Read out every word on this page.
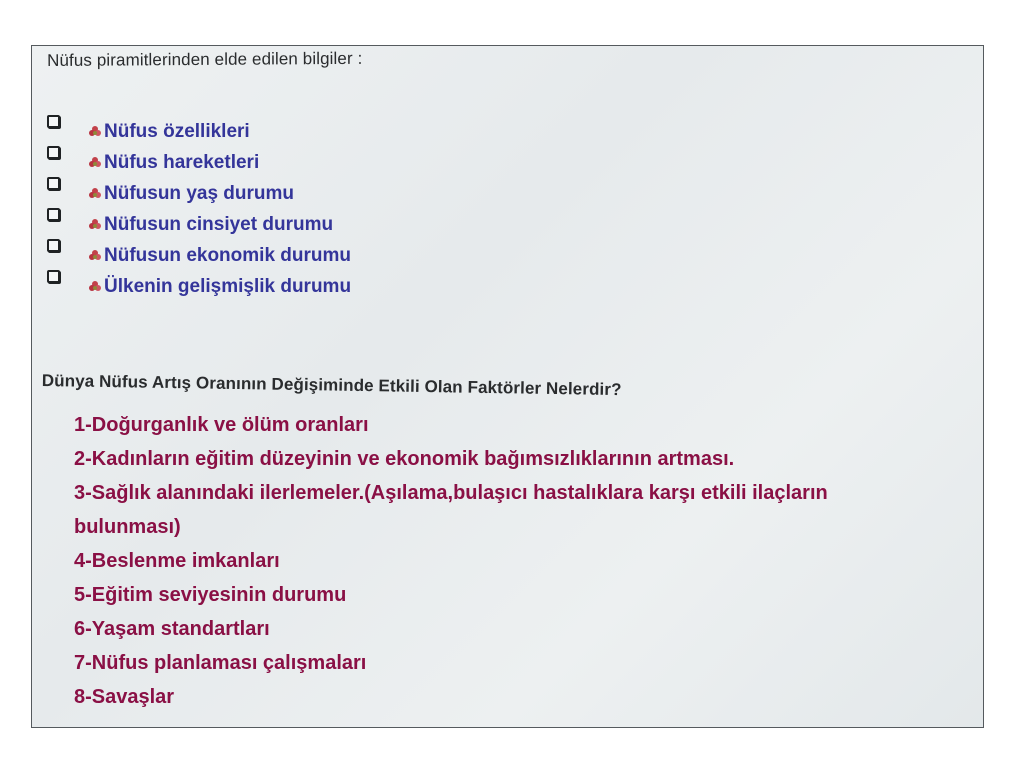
Nüfus piramitlerinden elde edilen bilgiler :
Nüfus özellikleri
Nüfus hareketleri
Nüfusun yaş durumu
Nüfusun cinsiyet durumu
Nüfusun ekonomik durumu
Ülkenin gelişmişlik durumu
Dünya Nüfus Artış Oranının Değişiminde Etkili Olan Faktörler Nelerdir?
1-Doğurganlık ve ölüm oranları
2-Kadınların eğitim düzeyinin ve ekonomik bağımsızlıklarının artması.
3-Sağlık alanındaki ilerlemeler.(Aşılama,bulaşıcı hastalıklara karşı etkili ilaçların bulunması)
4-Beslenme imkanları
5-Eğitim seviyesinin durumu
6-Yaşam standartları
7-Nüfus planlaması çalışmaları
8-Savaşlar
